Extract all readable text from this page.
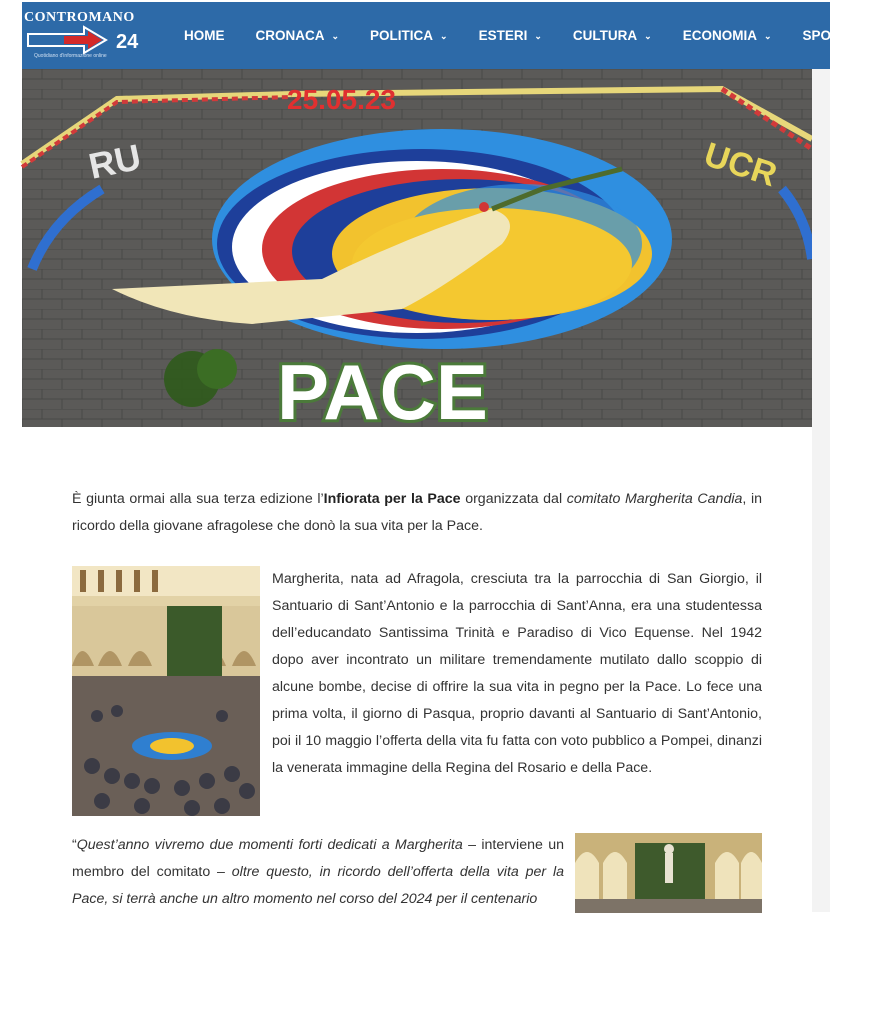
CONTROMANO
24
Quotidiano d'informazione online
HOME CRONACA ⌄ POLITICA ⌄ ESTERI ⌄ CULTURA ⌄ ECONOMIA ⌄ SPORT ⌄
25.05.23
RU	UCR
PACE

È giunta ormai alla sua terza edizione l’Infiorata per la Pace organizzata dal comitato Margherita Candia, in ricordo della giovane afragolese che donò la sua vita per la Pace.

Margherita, nata ad Afragola, cresciuta tra la parrocchia di San Giorgio, il Santuario di Sant’Antonio e la parrocchia di Sant’Anna, era una studentessa dell’educandato Santissima Trinità e Paradiso di Vico Equense. Nel 1942 dopo aver incontrato un militare tremendamente mutilato dallo scoppio di alcune bombe, decise di offrire la sua vita in pegno per la Pace. Lo fece una prima volta, il giorno di Pasqua, proprio davanti al Santuario di Sant’Antonio, poi il 10 maggio l’offerta della vita fu fatta con voto pubblico a Pompei, dinanzi la venerata immagine della Regina del Rosario e della Pace.

“Quest’anno vivremo due momenti forti dedicati a Margherita – interviene un membro del comitato – oltre questo, in ricordo dell’offerta della vita per la Pace, si terrà anche un altro momento nel corso del 2024 per il centenario
